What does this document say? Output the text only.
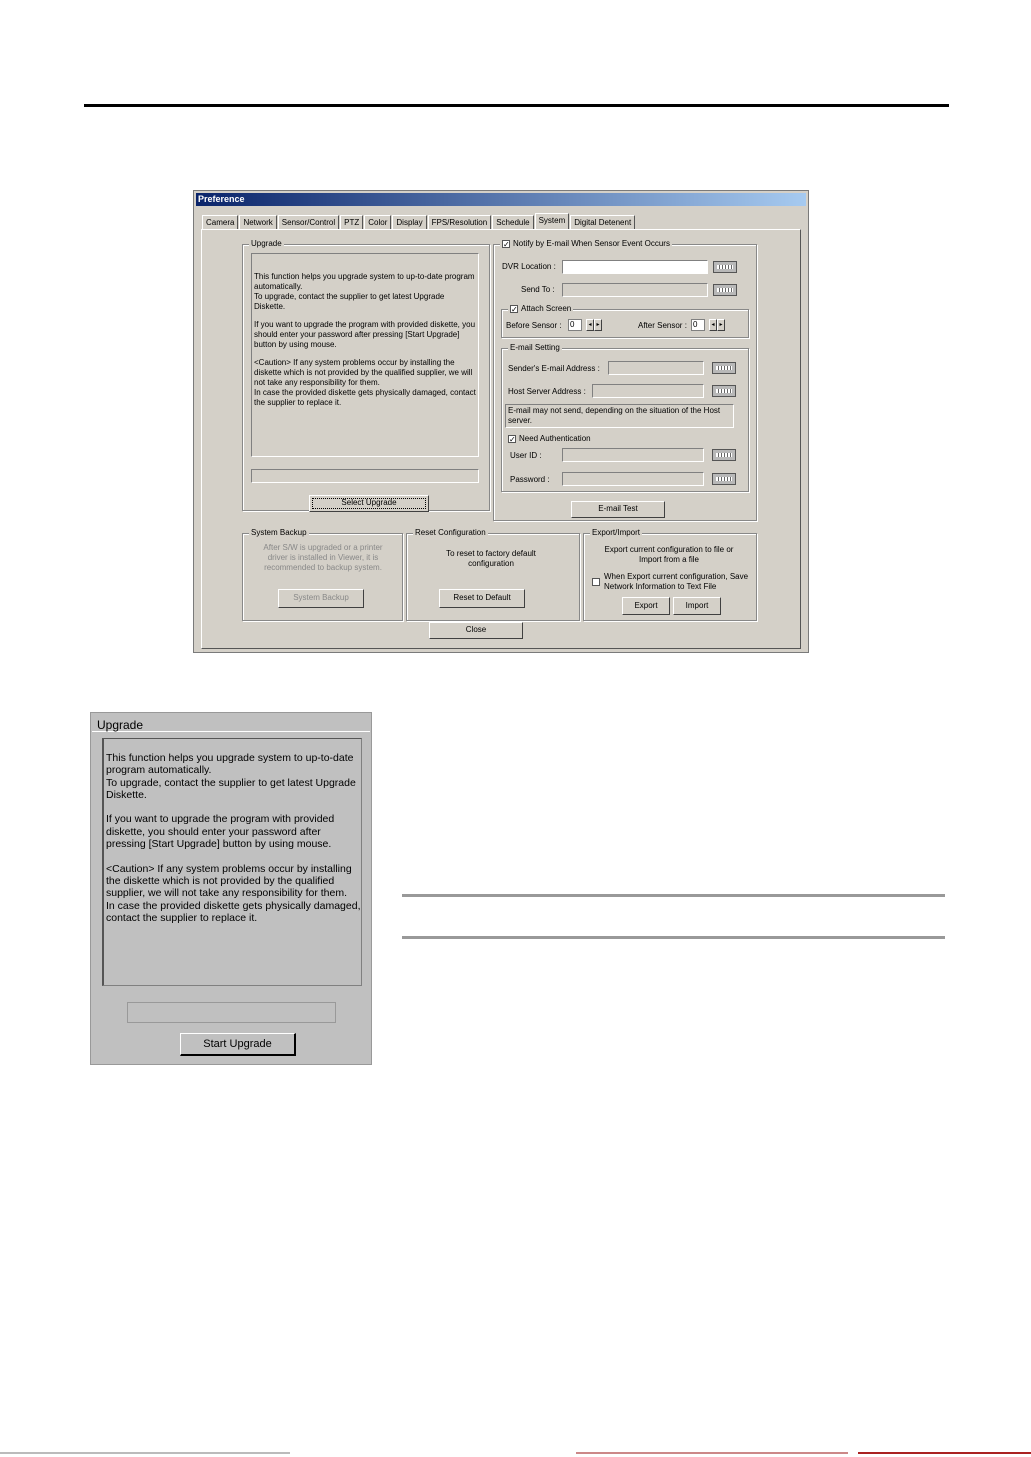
Preference
Camera	Network	Sensor/Control	PTZ	Color	Display	FPS/Resolution	Schedule	System	Digital Detenent
Upgrade
This function helps you upgrade system to up-to-date program automatically.
To upgrade, contact the supplier to get latest Upgrade Diskette.
If you want to upgrade the program with provided diskette, you should enter your password after pressing [Start Upgrade] button by using mouse.
<Caution> If any system problems occur by installing the diskette which is not provided by the qualified supplier, we will not take any responsibility for them.
In case the provided diskette gets physically damaged, contact the supplier to replace it.
Select Upgrade
✓ Notify by E-mail When Sensor Event Occurs
DVR Location :
Send To :
✓ Attach Screen
Before Sensor : 0	◂ ▸	After Sensor : 0	◂ ▸
E-mail Setting
Sender's E-mail Address :
Host Server Address :
E-mail may not send, depending on the situation of the Host server.
✓ Need Authentication
User ID :
Password :
E-mail Test
System Backup
After S/W is upgraded or a printer driver is installed in Viewer, it is recommended to backup system.
System Backup
Reset Configuration
To reset to factory default configuration
Reset to Default
Export/Import
Export current configuration to file or Import from a file
When Export current configuration, Save Network Information to Text File
Export	Import
Close
Upgrade

This function helps you upgrade system to up-to-date program automatically.
To upgrade, contact the supplier to get latest Upgrade Diskette.

If you want to upgrade the program with provided diskette, you should enter your password after pressing [Start Upgrade] button by using mouse.

<Caution> If any system problems occur by installing the diskette which is not provided by the qualified supplier, we will not take any responsibility for them.
In case the provided diskette gets physically damaged, contact the supplier to replace it.

Start Upgrade
